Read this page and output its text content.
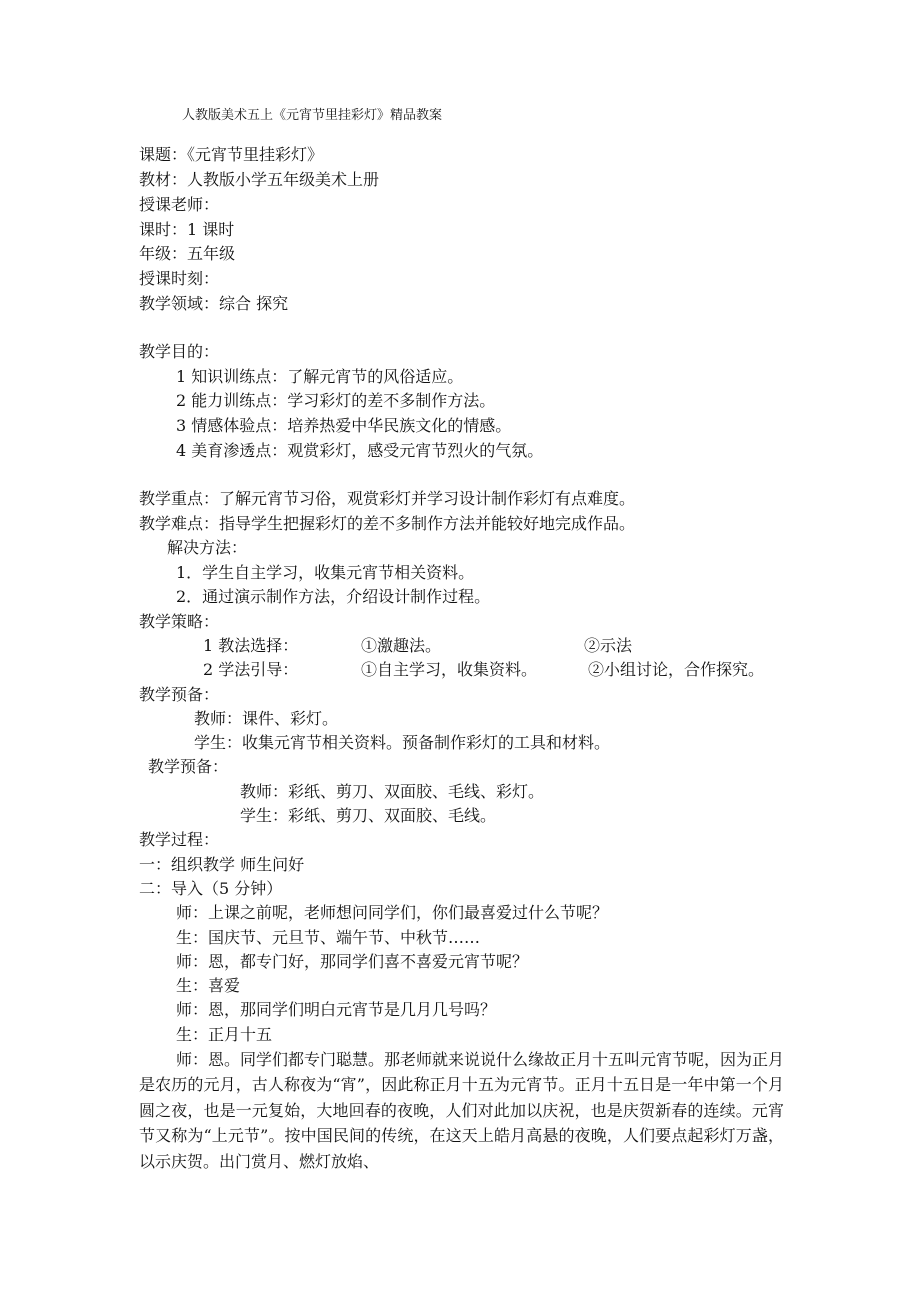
人教版美术五上《元宵节里挂彩灯》精品教案
课题：《元宵节里挂彩灯》
教材：人教版小学五年级美术上册
授课老师：
课时：1 课时
年级：五年级
授课时刻：
教学领域：综合 探究
教学目的：
1 知识训练点：了解元宵节的风俗适应。
2 能力训练点：学习彩灯的差不多制作方法。
3 情感体验点：培养热爱中华民族文化的情感。
4 美育渗透点：观赏彩灯，感受元宵节烈火的气氛。
教学重点：了解元宵节习俗，观赏彩灯并学习设计制作彩灯有点难度。
教学难点：指导学生把握彩灯的差不多制作方法并能较好地完成作品。
解决方法：
1．学生自主学习，收集元宵节相关资料。
2．通过演示制作方法，介绍设计制作过程。
教学策略：
1 教法选择：	①激趣法。	②示法
2 学法引导：	①自主学习，收集资料。	②小组讨论，合作探究。
教学预备：
教师：课件、彩灯。
学生：收集元宵节相关资料。预备制作彩灯的工具和材料。
教学预备：
教师：彩纸、剪刀、双面胶、毛线、彩灯。
学生：彩纸、剪刀、双面胶、毛线。
教学过程：
一：组织教学 师生问好
二：导入（5 分钟）
师：上课之前呢，老师想问同学们，你们最喜爱过什么节呢？
生：国庆节、元旦节、端午节、中秋节……
师：恩，都专门好，那同学们喜不喜爱元宵节呢？
生：喜爱
师：恩，那同学们明白元宵节是几月几号吗？
生：正月十五
师：恩。同学们都专门聪慧。那老师就来说说什么缘故正月十五叫元宵节呢，因为正月是农历的元月，古人称夜为“宵”，因此称正月十五为元宵节。正月十五日是一年中第一个月圆之夜，也是一元复始，大地回春的夜晚，人们对此加以庆祝，也是庆贺新春的连续。元宵节又称为“上元节”。按中国民间的传统，在这天上皓月高悬的夜晚，人们要点起彩灯万盏，以示庆贺。出门赏月、燃灯放焰、
